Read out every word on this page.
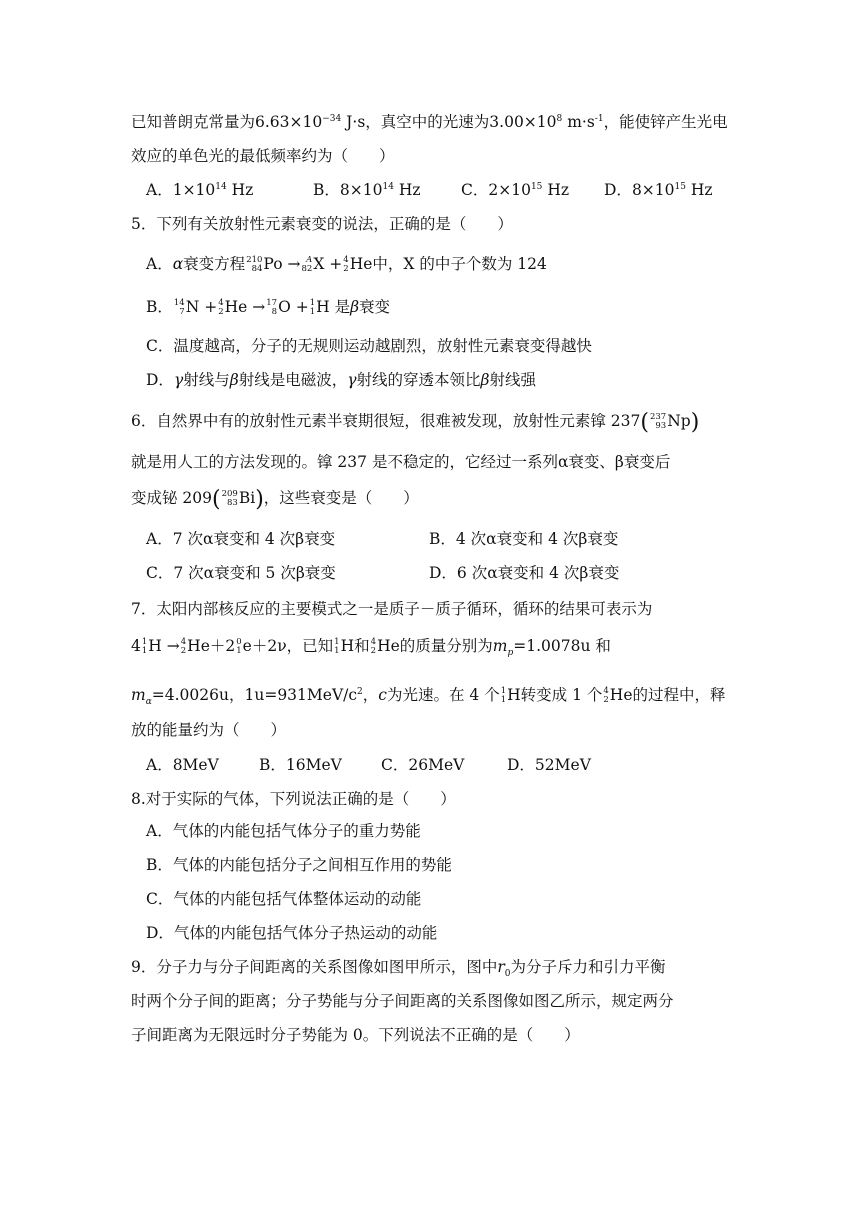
已知普朗克常量为$6.63\times 10^{-34}$ J·s，真空中的光速为$3.00\times 10^8$ $m\cdot s^{-1}$，能使锌产生光电
效应的单色光的最低频率约为（　　）
A．$1\times 10^{14}$ Hz	B．$8\times 10^{14}$ Hz	C．$2\times 10^{15}$ Hz D．$8\times 10^{15}$ Hz
5．下列有关放射性元素衰变的说法，正确的是（　　）
A．α衰变方程 210
84 Po → A
82 X + 4
2 He中，X 的中子个数为 124
B． 14
7 N + 4
2 He → 17
8 O + 1
1 H 是β衰变
C．温度越高，分子的无规则运动越剧烈，放射性元素衰变得越快
D．γ射线与β射线是电磁波，γ射线的穿透本领比β射线强
6．自然界中有的放射性元素半衰期很短，很难被发现，放射性元素镎 237( 237
93 Np)
就是用人工的方法发现的。镎 237 是不稳定的，它经过一系列α衰变、β衰变后
变成铋 209( 209
83 Bi)，这些衰变是（　　）
A．7 次α衰变和 4 次β衰变	B．4 次α衰变和 4 次β衰变
C．7 次α衰变和 5 次β衰变	D．6 次α衰变和 4 次β衰变
7．太阳内部核反应的主要模式之一是质子－质子循环，循环的结果可表示为
4 1
1 H → 4
2 He＋2 0
1 e＋2ν，已知 1
1 H和 4
2 He的质量分别为$m_p=1.0078u$ 和
$m_\alpha=4.0026u$，$1u=931MeV/c^2$，c为光速。在 4 个 1
1 H转变成 1 个 4
2 He的过程中，释
放的能量约为（　　）
A．8MeV	B．16MeV	C．26MeV	D．52MeV
8.对于实际的气体，下列说法正确的是（　　）
A．气体的内能包括气体分子的重力势能
B．气体的内能包括分子之间相互作用的势能
C．气体的内能包括气体整体运动的动能
D．气体的内能包括气体分子热运动的动能
9．分子力与分子间距离的关系图像如图甲所示，图中$r_0$为分子斥力和引力平衡
时两个分子间的距离；分子势能与分子间距离的关系图像如图乙所示，规定两分
子间距离为无限远时分子势能为 0。下列说法不正确的是（　　）
